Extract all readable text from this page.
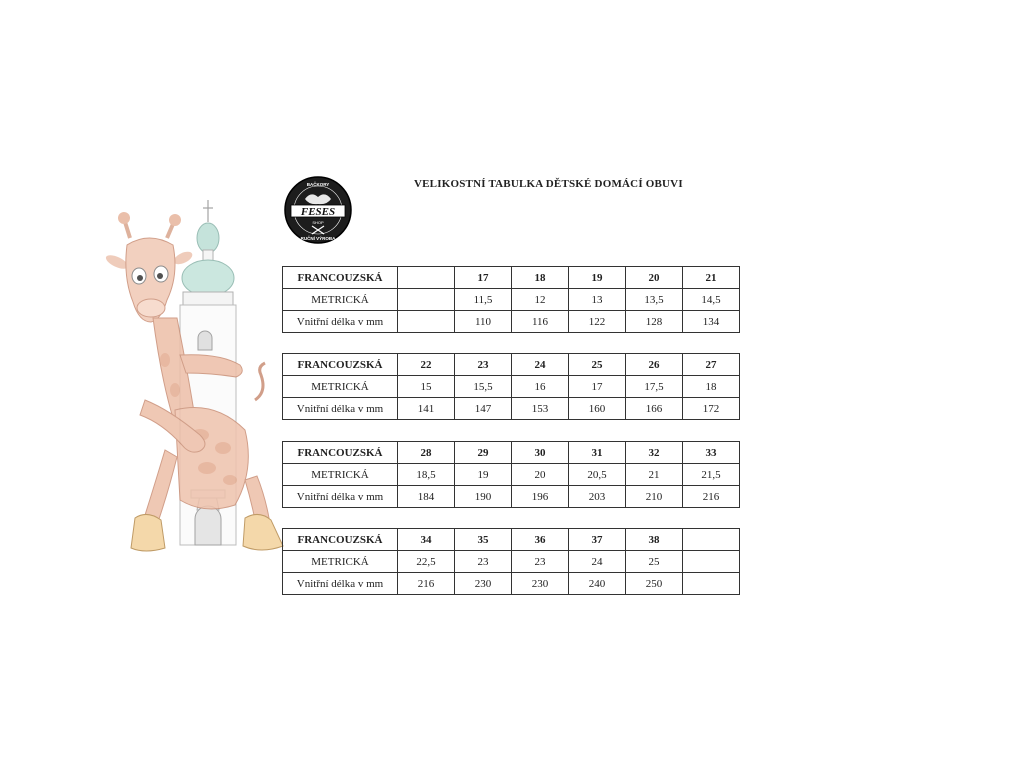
FESES
SHOP
BAČKORY
RUČNÍ VÝROBA
VELIKOSTNÍ TABULKA DĚTSKÉ DOMÁCÍ OBUVI
FRANCOUZSKÁ		17	18	19	20	21
METRICKÁ		11,5	12	13	13,5	14,5
Vnitřní délka v mm		110	116	122	128	134
FRANCOUZSKÁ	22	23	24	25	26	27
METRICKÁ	15	15,5	16	17	17,5	18
Vnitřní délka v mm	141	147	153	160	166	172
FRANCOUZSKÁ	28	29	30	31	32	33
METRICKÁ	18,5	19	20	20,5	21	21,5
Vnitřní délka v mm	184	190	196	203	210	216
FRANCOUZSKÁ	34	35	36	37	38	
METRICKÁ	22,5	23	23	24	25	
Vnitřní délka v mm	216	230	230	240	250	
